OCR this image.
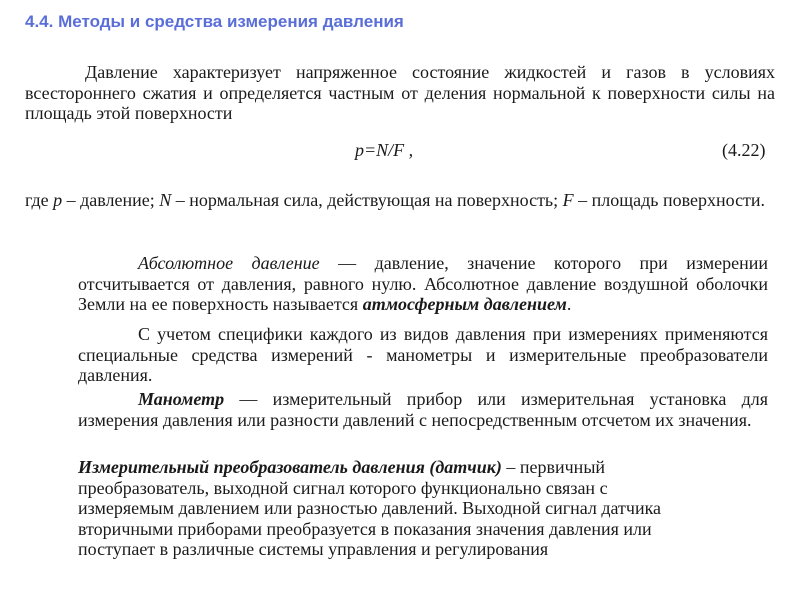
4.4. Методы и средства измерения давления

Давление характеризует напряженное состояние жидкостей и газов в условиях всестороннего сжатия и определяется частным от деления нормальной к поверхности силы на площадь этой поверхности

p=N/F ,	(4.22)

где p – давление; N – нормальная сила, действующая на поверхность; F – площадь поверхности.

Абсолютное давление — давление, значение которого при измерении отсчитывается от давления, равного нулю. Абсолютное давление воздушной оболочки Земли на ее поверхность называется атмосферным давлением.

С учетом специфики каждого из видов давления при измерениях применяются специальные средства измерений - манометры и измерительные преобразователи давления.

Манометр — измерительный прибор или измерительная установка для измерения давления или разности давлений с непосредственным отсчетом их значения.

Измерительный преобразователь давления (датчик) – первичный преобразователь, выходной сигнал которого функционально связан с измеряемым давлением или разностью давлений. Выходной сигнал датчика вторичными приборами преобразуется в показания значения давления или поступает в различные системы управления и регулирования
